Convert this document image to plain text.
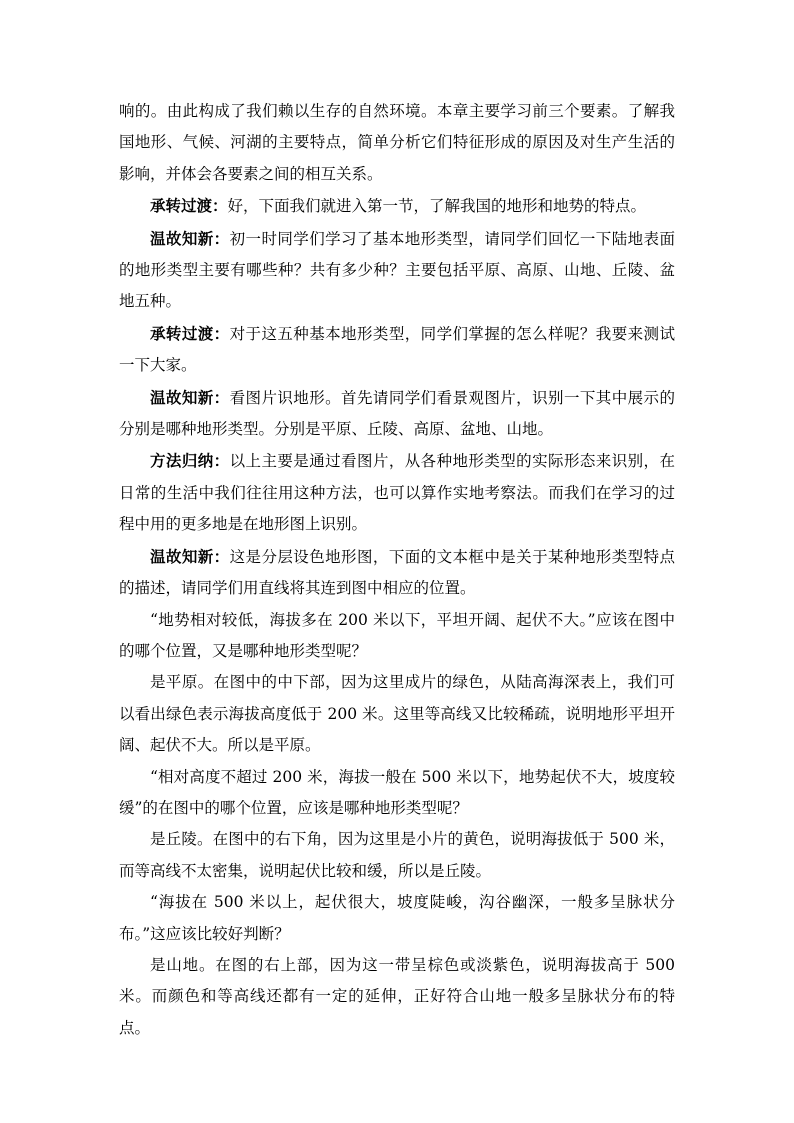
响的。由此构成了我们赖以生存的自然环境。本章主要学习前三个要素。了解我国地形、气候、河湖的主要特点，简单分析它们特征形成的原因及对生产生活的影响，并体会各要素之间的相互关系。

承转过渡：好，下面我们就进入第一节，了解我国的地形和地势的特点。

温故知新：初一时同学们学习了基本地形类型，请同学们回忆一下陆地表面的地形类型主要有哪些种？共有多少种？主要包括平原、高原、山地、丘陵、盆地五种。

承转过渡：对于这五种基本地形类型，同学们掌握的怎么样呢？我要来测试一下大家。

温故知新：看图片识地形。首先请同学们看景观图片，识别一下其中展示的分别是哪种地形类型。分别是平原、丘陵、高原、盆地、山地。

方法归纳：以上主要是通过看图片，从各种地形类型的实际形态来识别，在日常的生活中我们往往用这种方法，也可以算作实地考察法。而我们在学习的过程中用的更多地是在地形图上识别。

温故知新：这是分层设色地形图，下面的文本框中是关于某种地形类型特点的描述，请同学们用直线将其连到图中相应的位置。

“地势相对较低，海拔多在 200 米以下，平坦开阔、起伏不大。”应该在图中的哪个位置，又是哪种地形类型呢？

是平原。在图中的中下部，因为这里成片的绿色，从陆高海深表上，我们可以看出绿色表示海拔高度低于 200 米。这里等高线又比较稀疏，说明地形平坦开阔、起伏不大。所以是平原。

“相对高度不超过 200 米，海拔一般在 500 米以下，地势起伏不大，坡度较缓”的在图中的哪个位置，应该是哪种地形类型呢？

是丘陵。在图中的右下角，因为这里是小片的黄色，说明海拔低于 500 米，而等高线不太密集，说明起伏比较和缓，所以是丘陵。

“海拔在 500 米以上，起伏很大，坡度陡峻，沟谷幽深，一般多呈脉状分布。”这应该比较好判断？

是山地。在图的右上部，因为这一带呈棕色或淡紫色，说明海拔高于 500 米。而颜色和等高线还都有一定的延伸，正好符合山地一般多呈脉状分布的特点。
